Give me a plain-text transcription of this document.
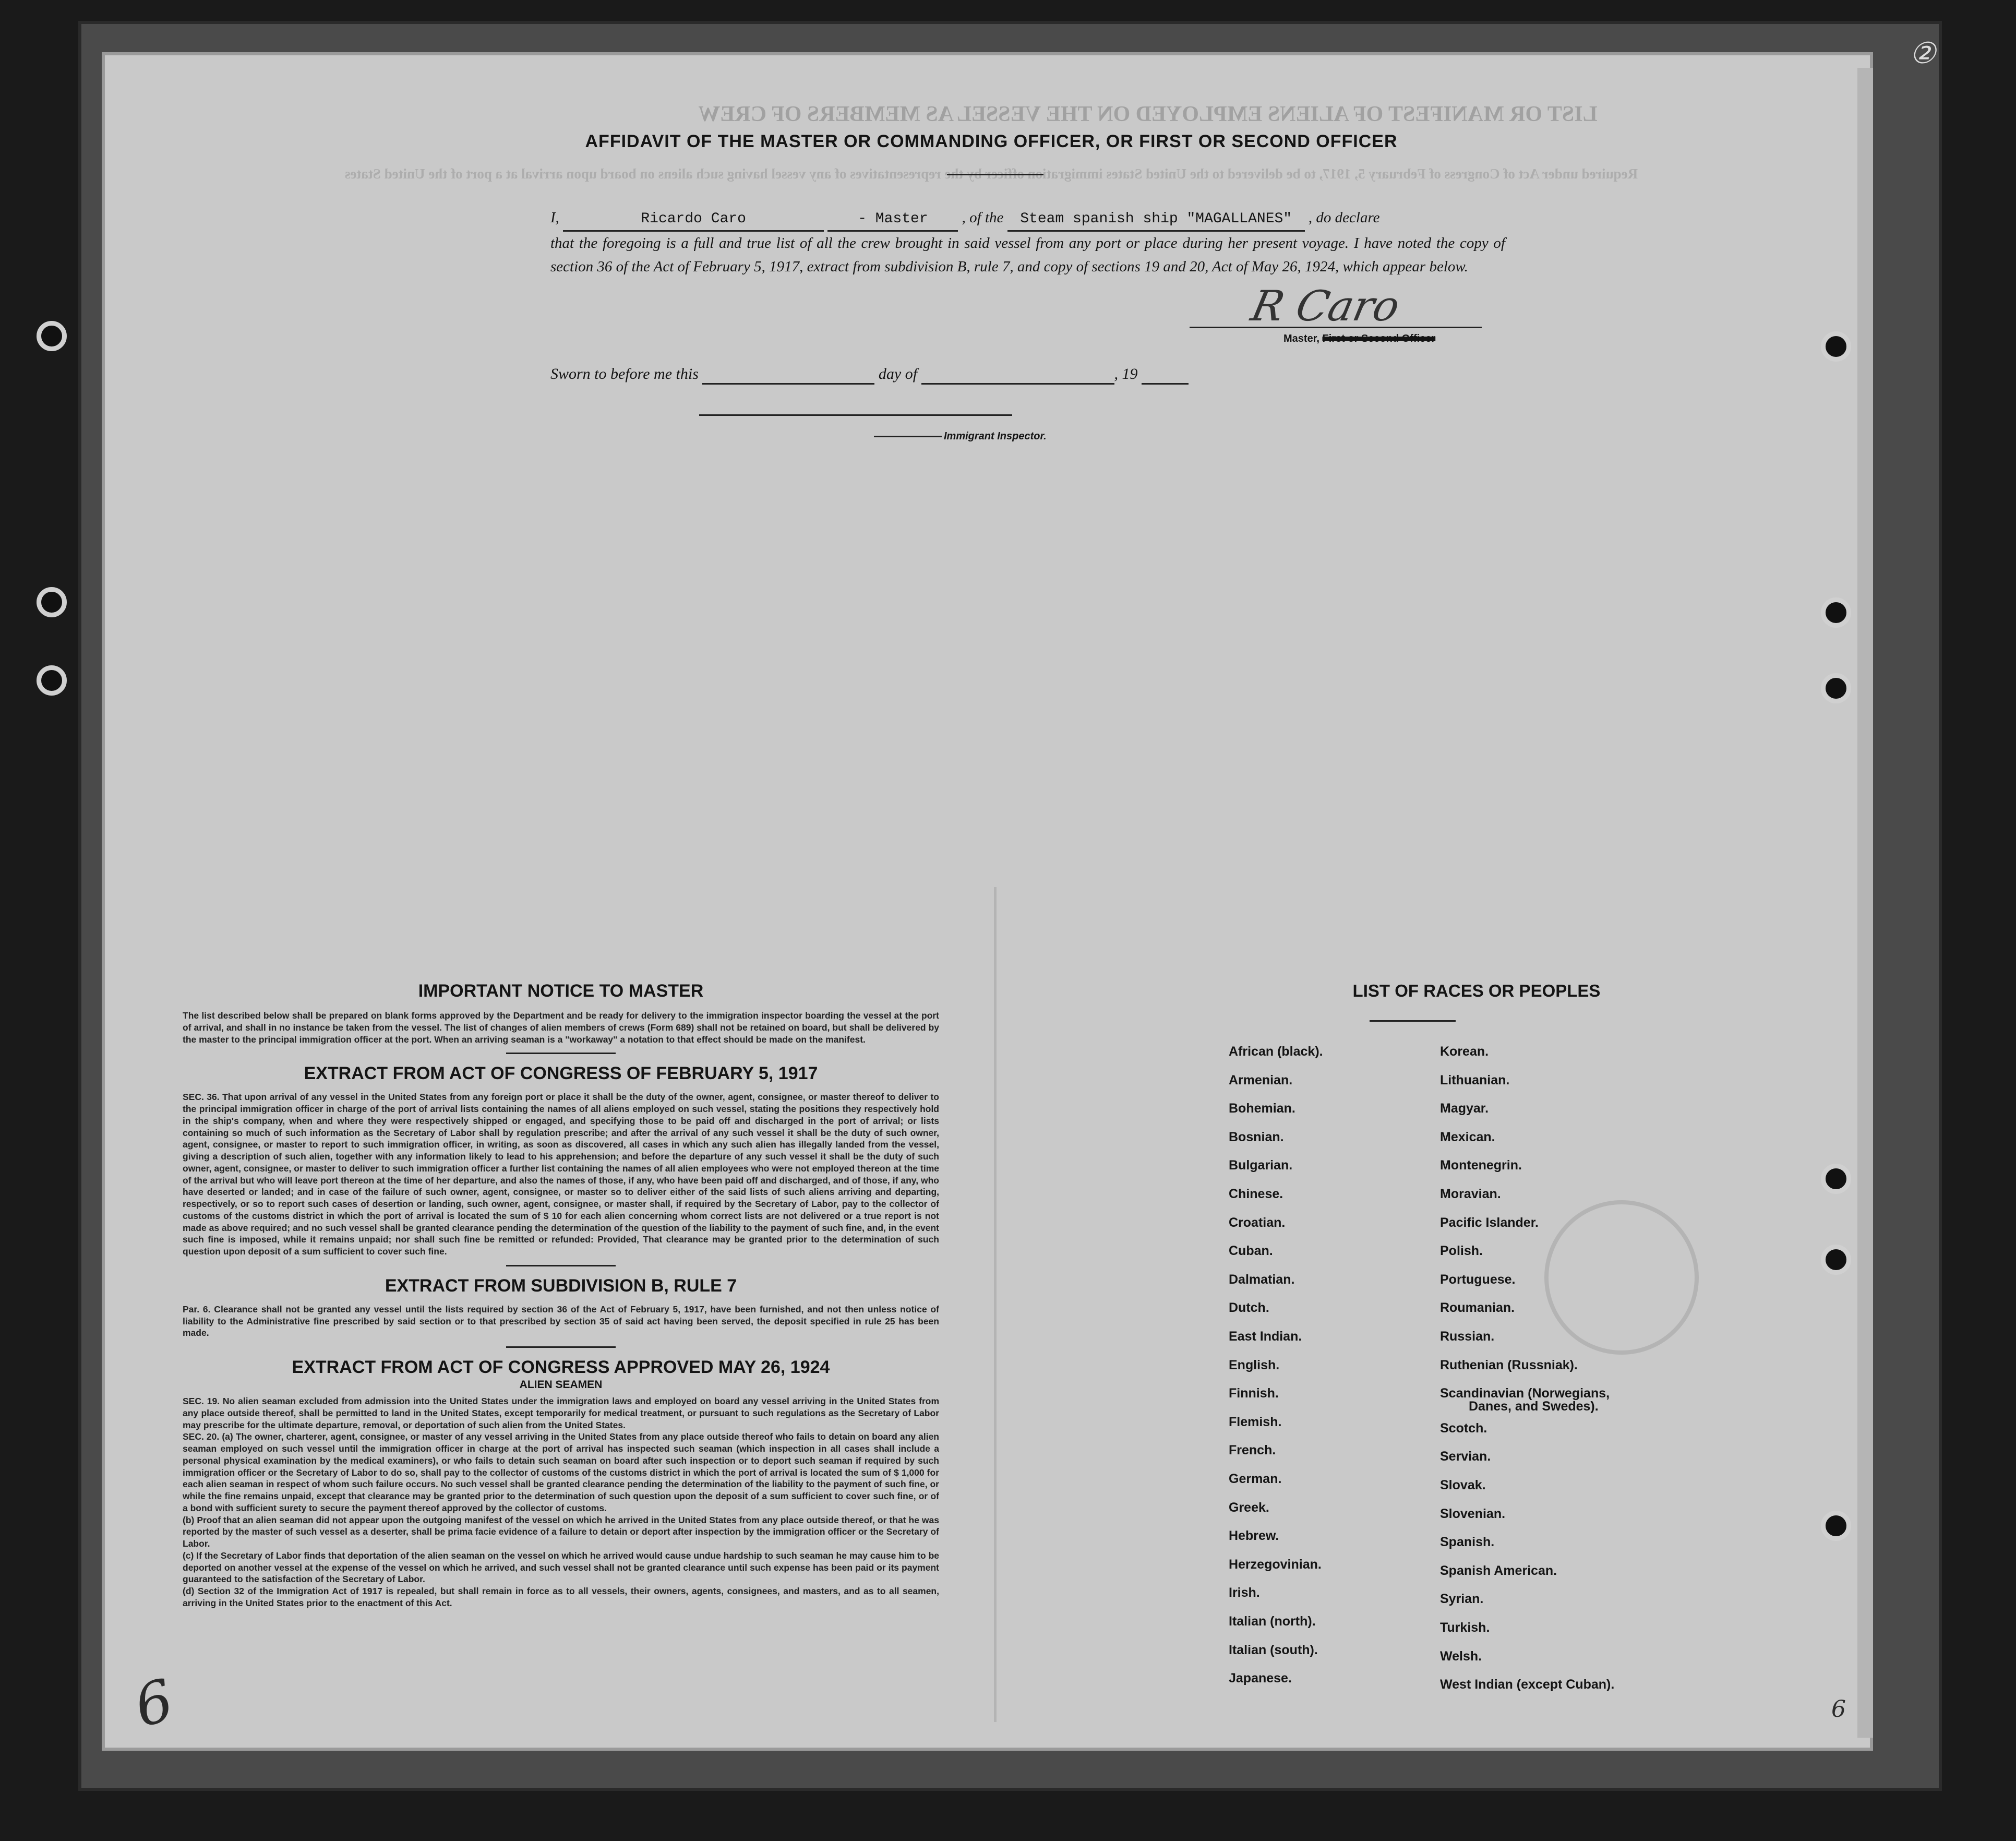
LIST OR MANIFEST OF ALIENS EMPLOYED ON THE VESSEL AS MEMBERS OF CREW
Required under Act of Congress of February 5, 1917, to be delivered to the United States immigration officer by the representatives of any vessel having such aliens on board upon arrival at a port of the United States
②
6	6
AFFIDAVIT OF THE MASTER OR COMMANDING OFFICER, OR FIRST OR SECOND OFFICER
I,	Ricardo Caro	- Master , of the Steam spanish ship "MAGALLANES" , do declare
that the foregoing is a full and true list of all the crew brought in said vessel from any port or place during her present voyage. I have noted the copy of section 36 of the Act of February 5, 1917, extract from subdivision B, rule 7, and copy of sections 19 and 20, Act of May 26, 1924, which appear below.
R Caro
Master, First or Second Officer
Sworn to before me this	day of	, 19
Immigrant Inspector.
IMPORTANT NOTICE TO MASTER

The list described below shall be prepared on blank forms approved by the Department and be ready for delivery to the immigration inspector boarding the vessel at the port of arrival, and shall in no instance be taken from the vessel. The list of changes of alien members of crews (Form 689) shall not be retained on board, but shall be delivered by the master to the principal immigration officer at the port. When an arriving seaman is a "workaway" a notation to that effect should be made on the manifest.

EXTRACT FROM ACT OF CONGRESS OF FEBRUARY 5, 1917

SEC. 36. That upon arrival of any vessel in the United States from any foreign port or place it shall be the duty of the owner, agent, consignee, or master thereof to deliver to the principal immigration officer in charge of the port of arrival lists containing the names of all aliens employed on such vessel, stating the positions they respectively hold in the ship's company, when and where they were respectively shipped or engaged, and specifying those to be paid off and discharged in the port of arrival; or lists containing so much of such information as the Secretary of Labor shall by regulation prescribe; and after the arrival of any such vessel it shall be the duty of such owner, agent, consignee, or master to report to such immigration officer, in writing, as soon as discovered, all cases in which any such alien has illegally landed from the vessel, giving a description of such alien, together with any information likely to lead to his apprehension; and before the departure of any such vessel it shall be the duty of such owner, agent, consignee, or master to deliver to such immigration officer a further list containing the names of all alien employees who were not employed thereon at the time of the arrival but who will leave port thereon at the time of her departure, and also the names of those, if any, who have been paid off and discharged, and of those, if any, who have deserted or landed; and in case of the failure of such owner, agent, consignee, or master so to deliver either of the said lists of such aliens arriving and departing, respectively, or so to report such cases of desertion or landing, such owner, agent, consignee, or master shall, if required by the Secretary of Labor, pay to the collector of customs of the customs district in which the port of arrival is located the sum of $ 10 for each alien concerning whom correct lists are not delivered or a true report is not made as above required; and no such vessel shall be granted clearance pending the determination of the question of the liability to the payment of such fine, and, in the event such fine is imposed, while it remains unpaid; nor shall such fine be remitted or refunded: Provided, That clearance may be granted prior to the determination of such question upon deposit of a sum sufficient to cover such fine.

EXTRACT FROM SUBDIVISION B, RULE 7

Par. 6. Clearance shall not be granted any vessel until the lists required by section 36 of the Act of February 5, 1917, have been furnished, and not then unless notice of liability to the Administrative fine prescribed by said section or to that prescribed by section 35 of said act having been served, the deposit specified in rule 25 has been made.

EXTRACT FROM ACT OF CONGRESS APPROVED MAY 26, 1924
ALIEN SEAMEN

SEC. 19. No alien seaman excluded from admission into the United States under the immigration laws and employed on board any vessel arriving in the United States from any place outside thereof, shall be permitted to land in the United States, except temporarily for medical treatment, or pursuant to such regulations as the Secretary of Labor may prescribe for the ultimate departure, removal, or deportation of such alien from the United States.

SEC. 20. (a) The owner, charterer, agent, consignee, or master of any vessel arriving in the United States from any place outside thereof who fails to detain on board any alien seaman employed on such vessel until the immigration officer in charge at the port of arrival has inspected such seaman (which inspection in all cases shall include a personal physical examination by the medical examiners), or who fails to detain such seaman on board after such inspection or to deport such seaman if required by such immigration officer or the Secretary of Labor to do so, shall pay to the collector of customs of the customs district in which the port of arrival is located the sum of $ 1,000 for each alien seaman in respect of whom such failure occurs. No such vessel shall be granted clearance pending the determination of the liability to the payment of such fine, or while the fine remains unpaid, except that clearance may be granted prior to the determination of such question upon the deposit of a sum sufficient to cover such fine, or of a bond with sufficient surety to secure the payment thereof approved by the collector of customs.

(b) Proof that an alien seaman did not appear upon the outgoing manifest of the vessel on which he arrived in the United States from any place outside thereof, or that he was reported by the master of such vessel as a deserter, shall be prima facie evidence of a failure to detain or deport after inspection by the immigration officer or the Secretary of Labor.

(c) If the Secretary of Labor finds that deportation of the alien seaman on the vessel on which he arrived would cause undue hardship to such seaman he may cause him to be deported on another vessel at the expense of the vessel on which he arrived, and such vessel shall not be granted clearance until such expense has been paid or its payment guaranteed to the satisfaction of the Secretary of Labor.

(d) Section 32 of the Immigration Act of 1917 is repealed, but shall remain in force as to all vessels, their owners, agents, consignees, and masters, and as to all seamen, arriving in the United States prior to the enactment of this Act.

LIST OF RACES OR PEOPLES
African (black).
Armenian.
Bohemian.
Bosnian.
Bulgarian.
Chinese.
Croatian.
Cuban.
Dalmatian.
Dutch.
East Indian.
English.
Finnish.
Flemish.
French.
German.
Greek.
Hebrew.
Herzegovinian.
Irish.
Italian (north).
Italian (south).
Japanese.
Korean.
Lithuanian.
Magyar.
Mexican.
Montenegrin.
Moravian.
Pacific Islander.
Polish.
Portuguese.
Roumanian.
Russian.
Ruthenian (Russniak).
Scandinavian (Norwegians,
Scotch.
Servian.
Slovak.
Slovenian.
Spanish.
Spanish American.
Syrian.
Turkish.
Welsh.
West Indian (except Cuban).
Danes, and Swedes).
